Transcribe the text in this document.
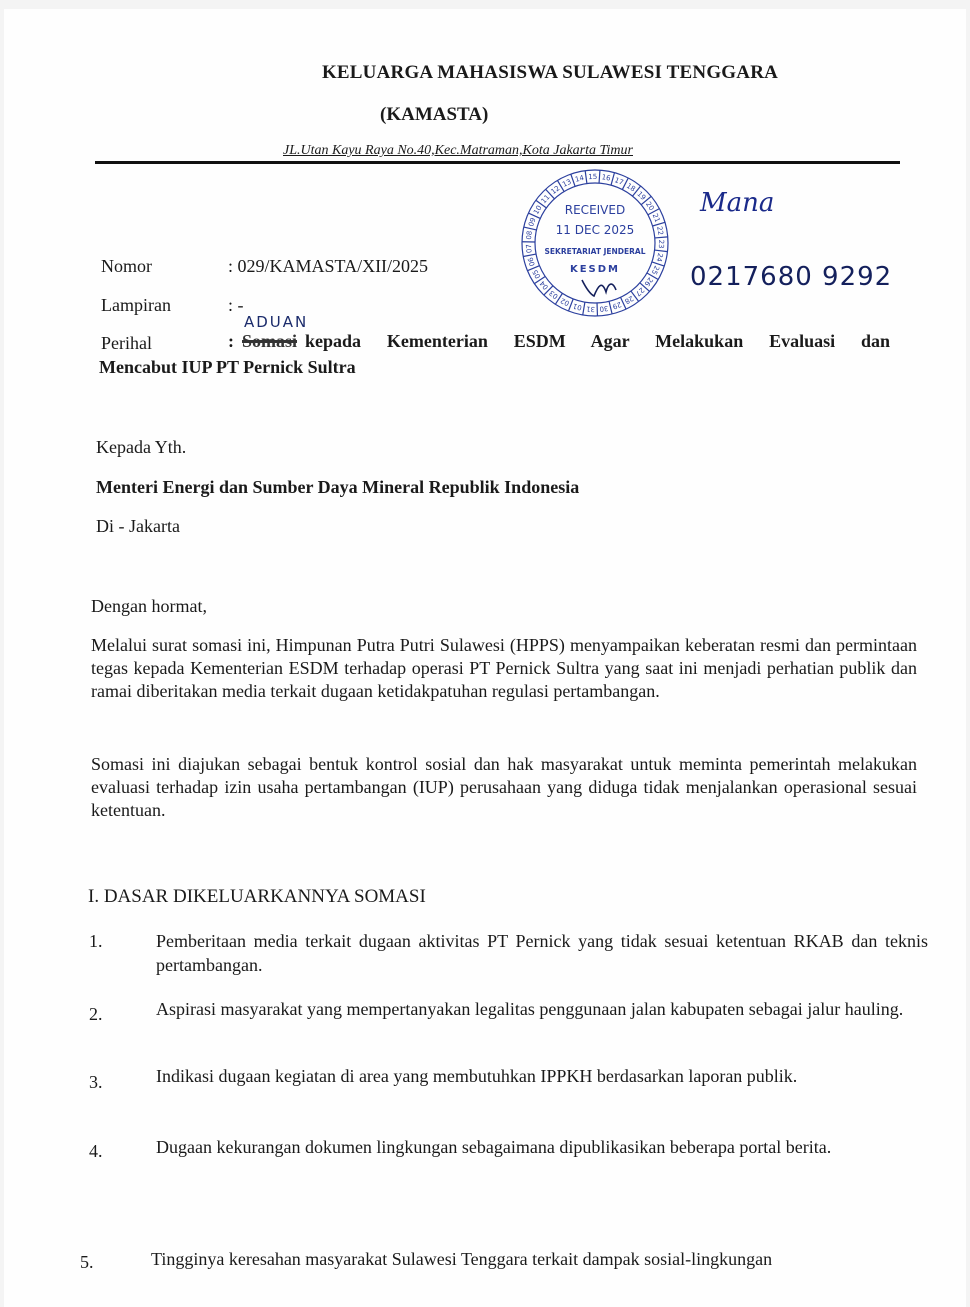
KELUARGA MAHASISWA SULAWESI TENGGARA
(KAMASTA)
JL.Utan Kayu Raya No.40,Kec.Matraman,Kota Jakarta Timur
10
11
12
13 14 15 16 17
18
19
20
21
22
23
24
25
26
27
28
29
30
31
01
02
03
04
05
06
07
08
09
RECEIVED
11 DEC 2025
SEKRETARIAT JENDERAL
KESDM
Mana
0217680 9292
Nomor	: 029/KAMASTA/XII/2025
Lampiran	: -
Perihal
ADUAN
: Somasi kepada Kementerian ESDM Agar Melakukan Evaluasi dan
Mencabut IUP PT Pernick Sultra
Kepada Yth.
Menteri Energi dan Sumber Daya Mineral Republik Indonesia
Di - Jakarta
Dengan hormat,
Melalui surat somasi ini, Himpunan Putra Putri Sulawesi (HPPS) menyampaikan keberatan resmi dan permintaan tegas kepada Kementerian ESDM terhadap operasi PT Pernick Sultra yang saat ini menjadi perhatian publik dan ramai diberitakan media terkait dugaan ketidakpatuhan regulasi pertambangan.
Somasi ini diajukan sebagai bentuk kontrol sosial dan hak masyarakat untuk meminta pemerintah melakukan evaluasi terhadap izin usaha pertambangan (IUP) perusahaan yang diduga tidak menjalankan operasional sesuai ketentuan.
I. DASAR DIKELUARKANNYA SOMASI
1.	Pemberitaan media terkait dugaan aktivitas PT Pernick yang tidak sesuai ketentuan RKAB dan teknis pertambangan.
2.	Aspirasi masyarakat yang mempertanyakan legalitas penggunaan jalan kabupaten sebagai jalur hauling.
3.	Indikasi dugaan kegiatan di area yang membutuhkan IPPKH berdasarkan laporan publik.
4.	Dugaan kekurangan dokumen lingkungan sebagaimana dipublikasikan beberapa portal berita.
5.	Tingginya keresahan masyarakat Sulawesi Tenggara terkait dampak sosial-lingkungan
